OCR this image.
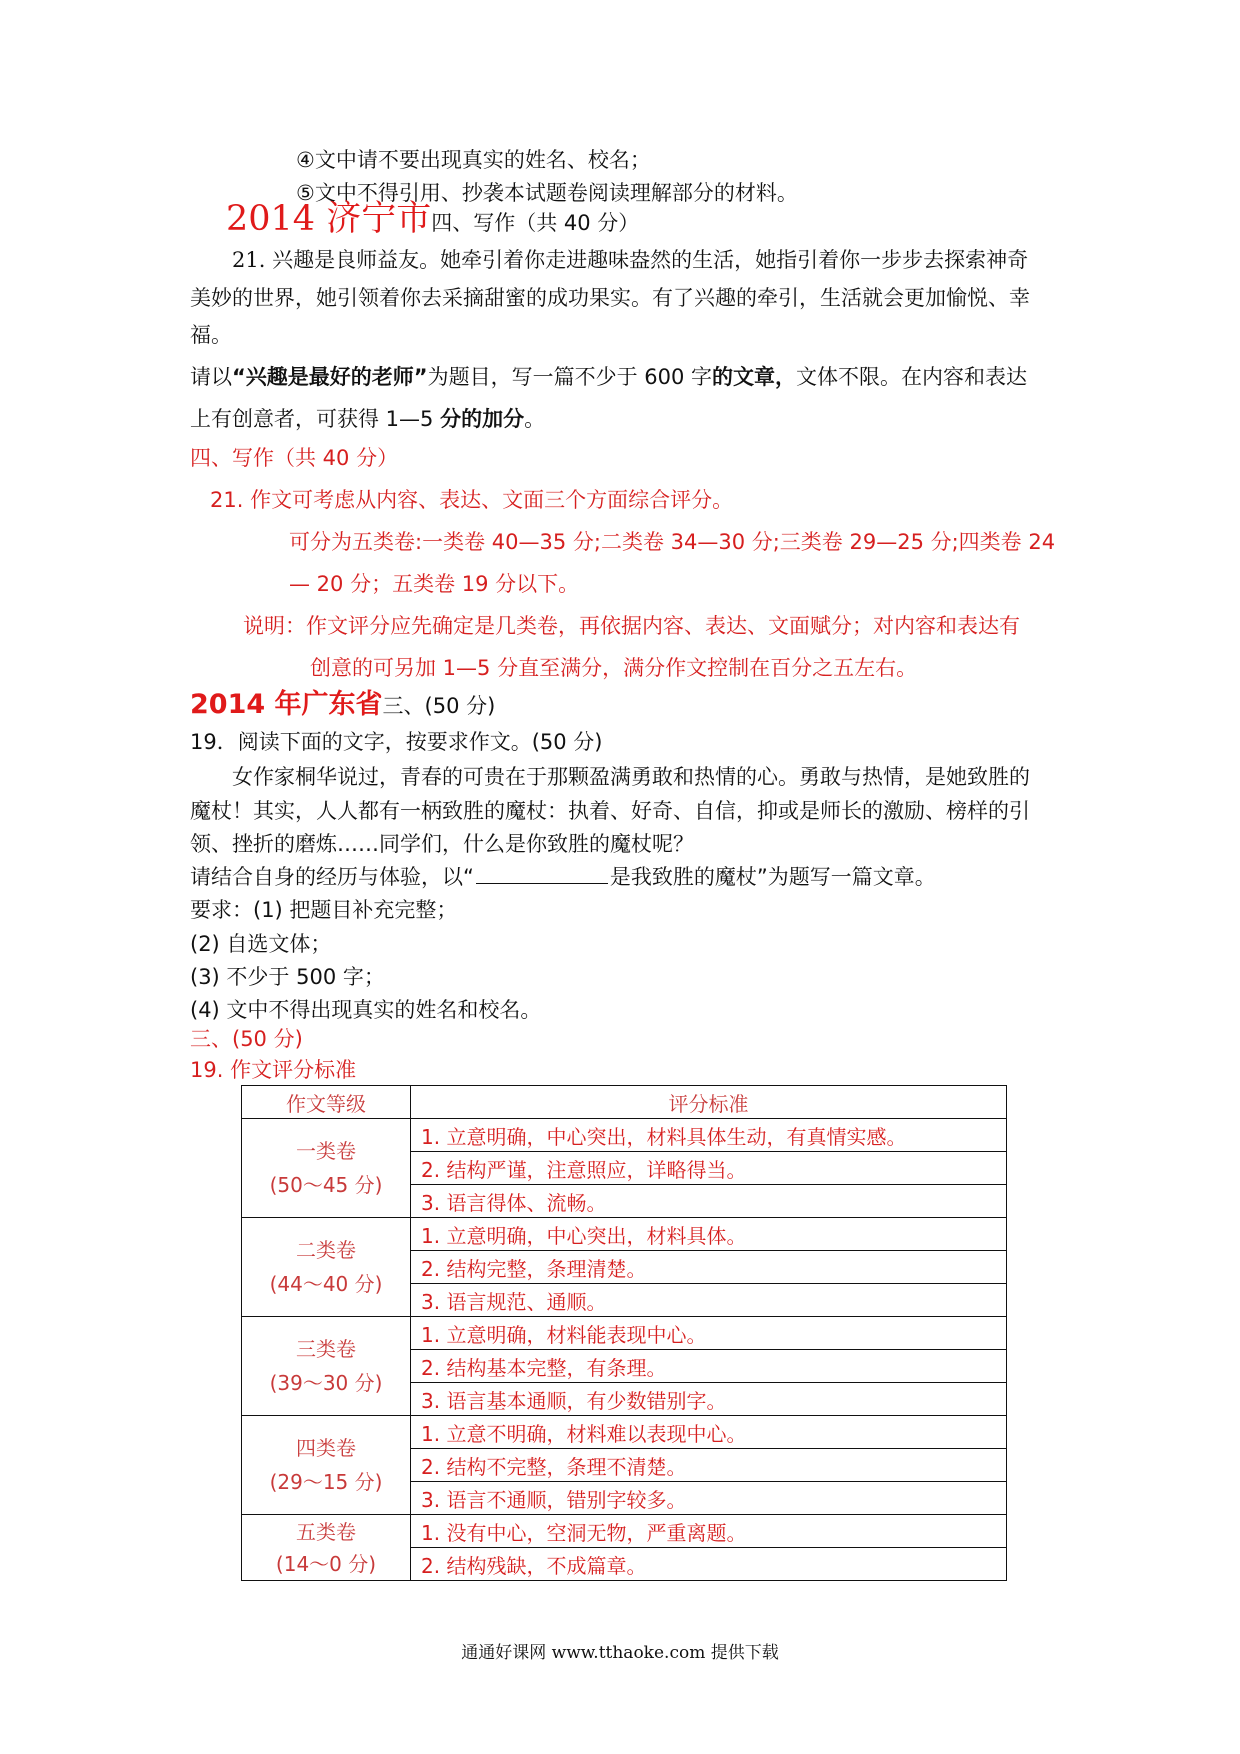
④文中请不要出现真实的姓名、校名；
⑤文中不得引用、抄袭本试题卷阅读理解部分的材料。
2014 济宁市四、写作（共 40 分）
21. 兴趣是良师益友。她牵引着你走进趣味盎然的生活，她指引着你一步步去探索神奇
美妙的世界，她引领着你去采摘甜蜜的成功果实。有了兴趣的牵引，生活就会更加愉悦、幸
福。
请以“兴趣是最好的老师”为题目，写一篇不少于 600 字的文章，文体不限。在内容和表达
上有创意者，可获得 1—5 分的加分。
四、写作（共 40 分）
21. 作文可考虑从内容、表达、文面三个方面综合评分。
可分为五类卷:一类卷 40—35 分;二类卷 34—30 分;三类卷 29—25 分;四类卷 24
— 20 分；五类卷 19 分以下。
说明：作文评分应先确定是几类卷，再依据内容、表达、文面赋分；对内容和表达有
创意的可另加 1—5 分直至满分，满分作文控制在百分之五左右。
2014 年广东省三、(50 分)
19．阅读下面的文字，按要求作文。(50 分)
女作家桐华说过，青春的可贵在于那颗盈满勇敢和热情的心。勇敢与热情，是她致胜的
魔杖！其实，人人都有一柄致胜的魔杖：执着、好奇、自信，抑或是师长的激励、榜样的引
领、挫折的磨炼……同学们，什么是你致胜的魔杖呢？
请结合自身的经历与体验，以“	是我致胜的魔杖”为题写一篇文章。
要求：(1) 把题目补充完整；
(2) 自选文体；
(3) 不少于 500 字；
(4) 文中不得出现真实的姓名和校名。
三、(50 分)
19. 作文评分标准
作文等级	评分标准
一类卷
(50～45 分)	1. 立意明确，中心突出，材料具体生动，有真情实感。
	2. 结构严谨，注意照应，详略得当。
	3. 语言得体、流畅。
二类卷
(44～40 分)	1. 立意明确，中心突出，材料具体。
	2. 结构完整，条理清楚。
	3. 语言规范、通顺。
三类卷
(39～30 分)	1. 立意明确，材料能表现中心。
	2. 结构基本完整，有条理。
	3. 语言基本通顺，有少数错别字。
四类卷
(29～15 分)	1. 立意不明确，材料难以表现中心。
	2. 结构不完整，条理不清楚。
	3. 语言不通顺，错别字较多。
五类卷
(14～0 分)	1. 没有中心，空洞无物，严重离题。
	2. 结构残缺，不成篇章。
通通好课网 www.tthaoke.com 提供下载
